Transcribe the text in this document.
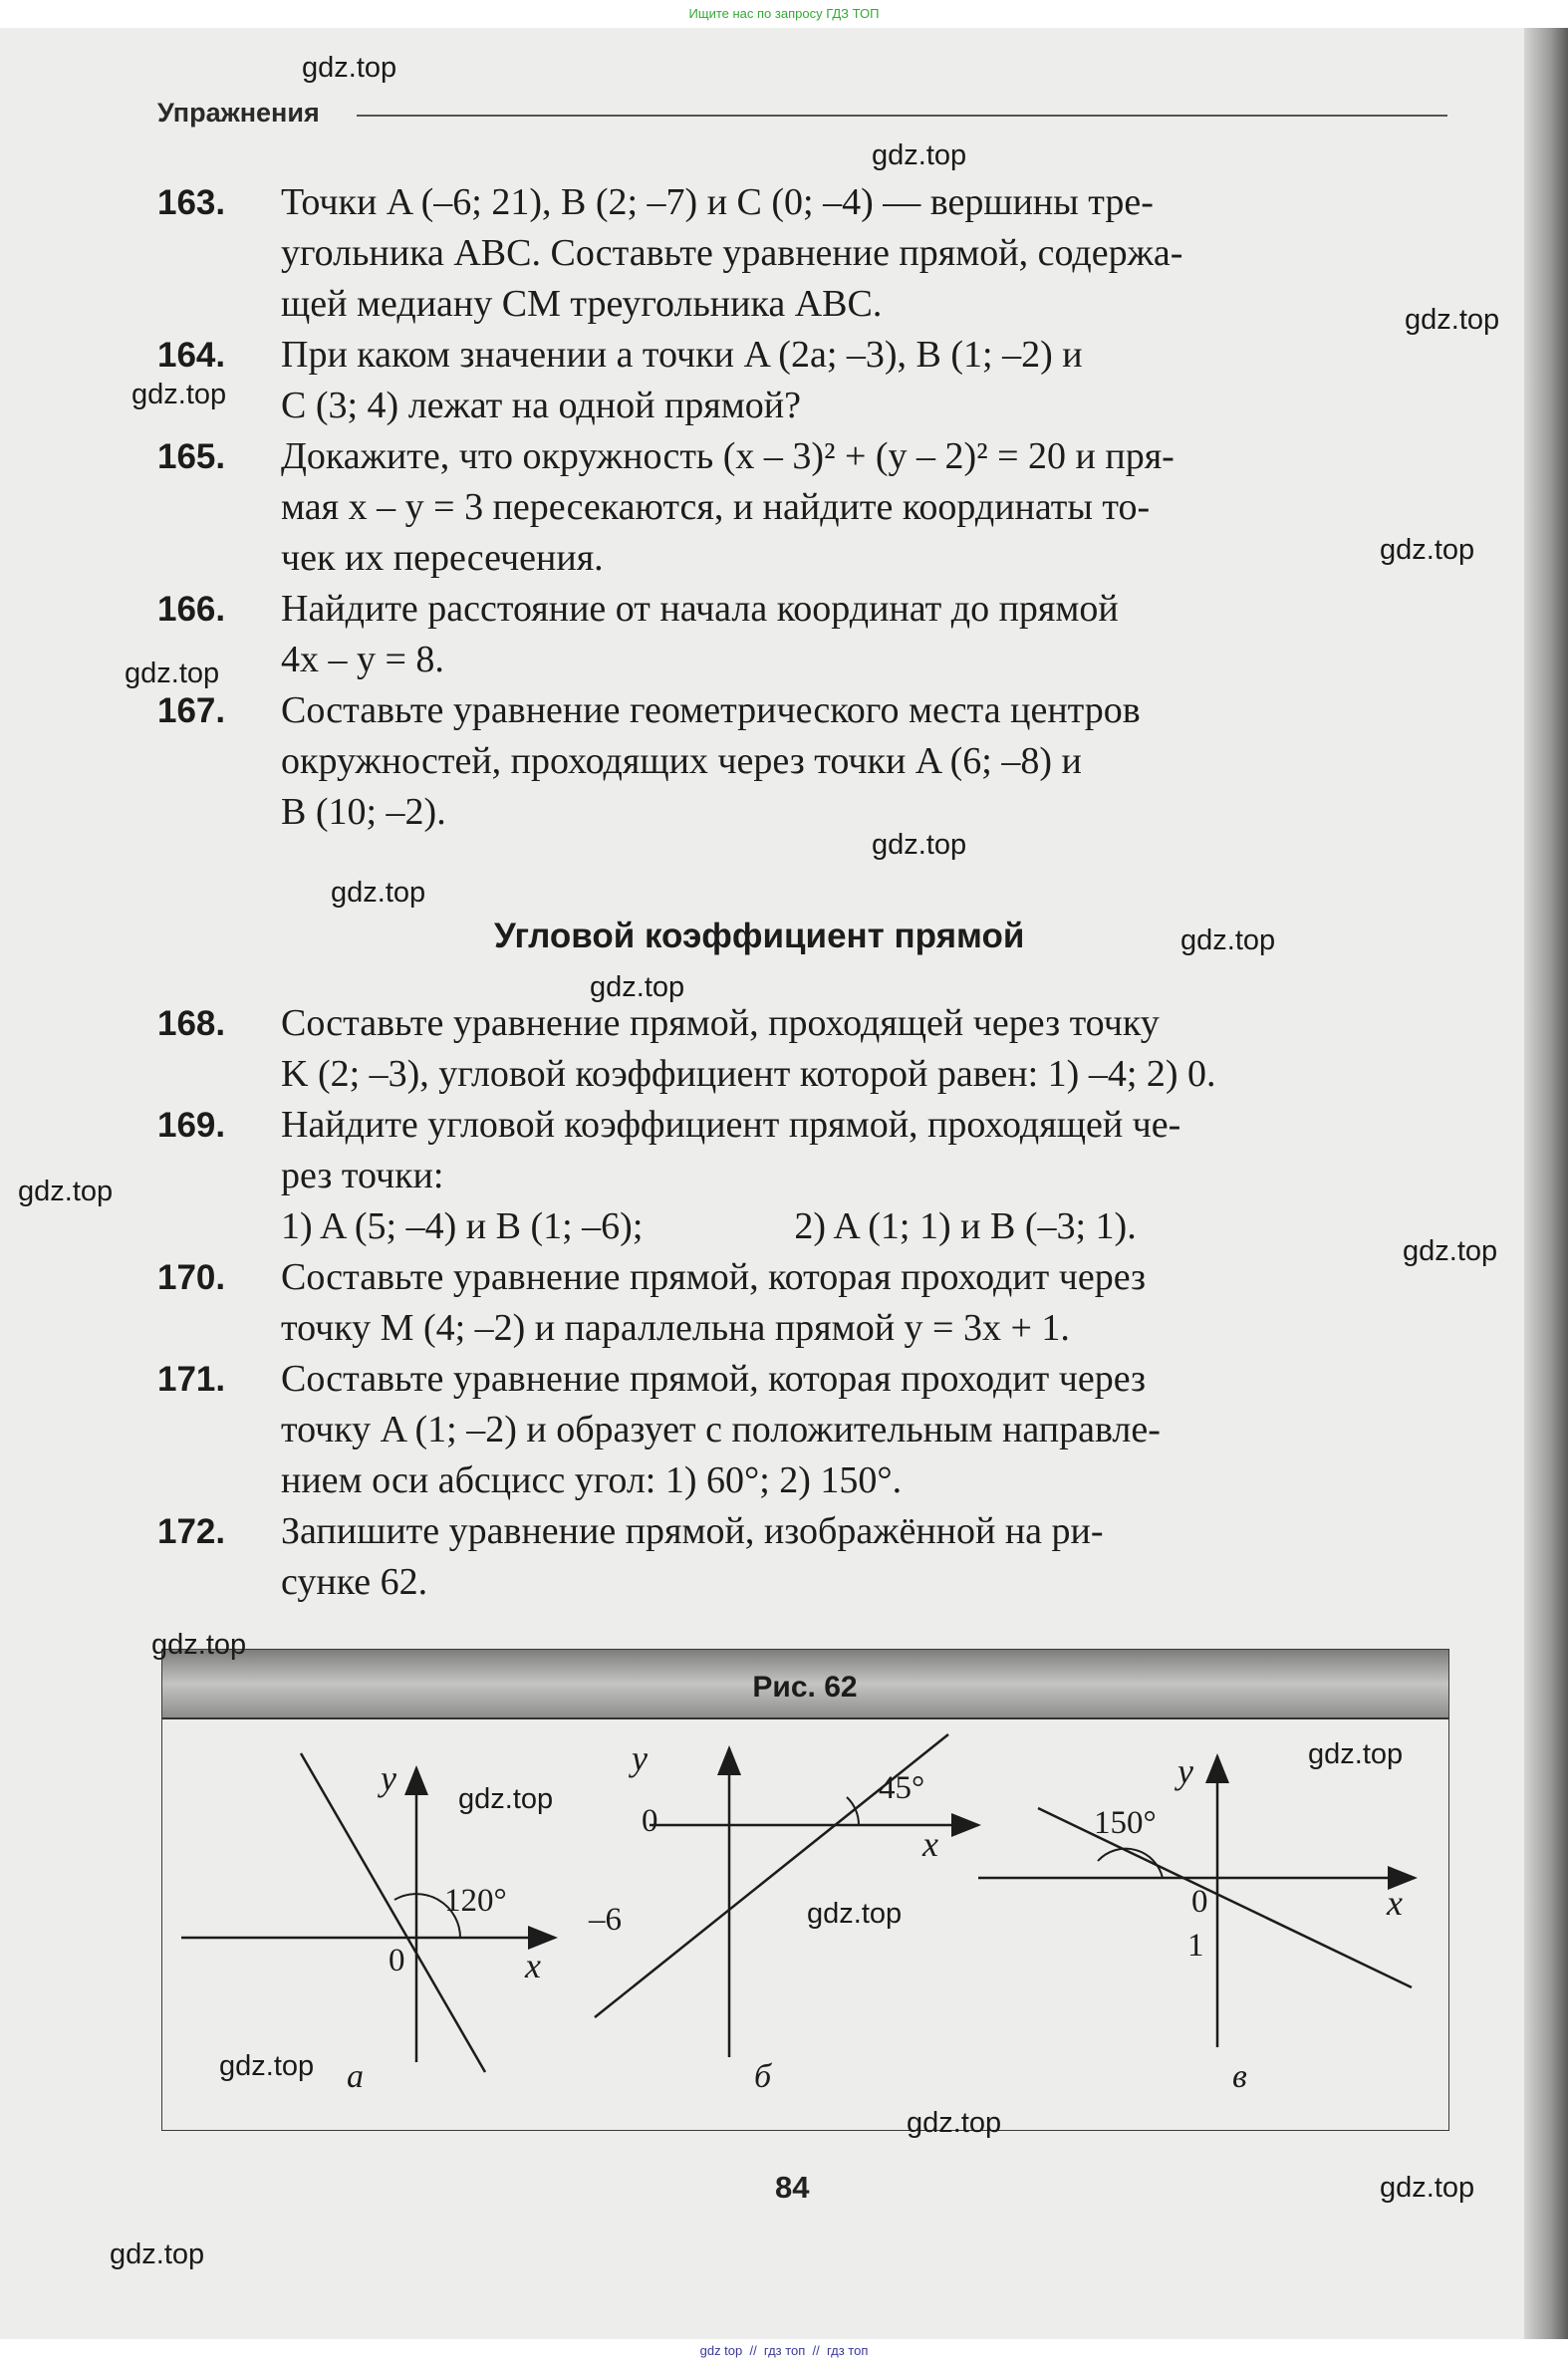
Ищите нас по запросу ГДЗ ТОП
Упражнения
163.	Точки A (–6; 21), B (2; –7) и C (0; –4) — вершины тре-
угольника ABC. Составьте уравнение прямой, содержа-
щей медиану CM треугольника ABC.
164.	При каком значении a точки A (2a; –3), B (1; –2) и
C (3; 4) лежат на одной прямой?
165.	Докажите, что окружность (x – 3)² + (y – 2)² = 20 и пря-
мая x – y = 3 пересекаются, и найдите координаты то-
чек их пересечения.
166.	Найдите расстояние от начала координат до прямой
4x – y = 8.
167.	Составьте уравнение геометрического места центров
окружностей, проходящих через точки A (6; –8) и
B (10; –2).
Угловой коэффициент прямой
168.	Составьте уравнение прямой, проходящей через точку
K (2; –3), угловой коэффициент которой равен: 1) –4; 2) 0.
169.	Найдите угловой коэффициент прямой, проходящей че-
рез точки:
1) A (5; –4) и B (1; –6);                2) A (1; 1) и B (–3; 1).
170.	Составьте уравнение прямой, которая проходит через
точку M (4; –2) и параллельна прямой y = 3x + 1.
171.	Составьте уравнение прямой, которая проходит через
точку A (1; –2) и образует с положительным направле-
нием оси абсцисс угол: 1) 60°; 2) 150°.
172.	Запишите уравнение прямой, изображённой на ри-
сунке 62.
Рис. 62
x
y
0
120°
а
x
y
0
45°
–6
б
x
y
0
150°
1
в
84
gdz.top
gdz.top
gdz.top
gdz.top
gdz.top
gdz.top
gdz.top
gdz.top
gdz.top
gdz.top
gdz.top
gdz.top
gdz.top
gdz.top
gdz.top
gdz.top
gdz.top
gdz.top
gdz.top
gdz.top
gdz top  //  гдз топ  //  гдз топ
